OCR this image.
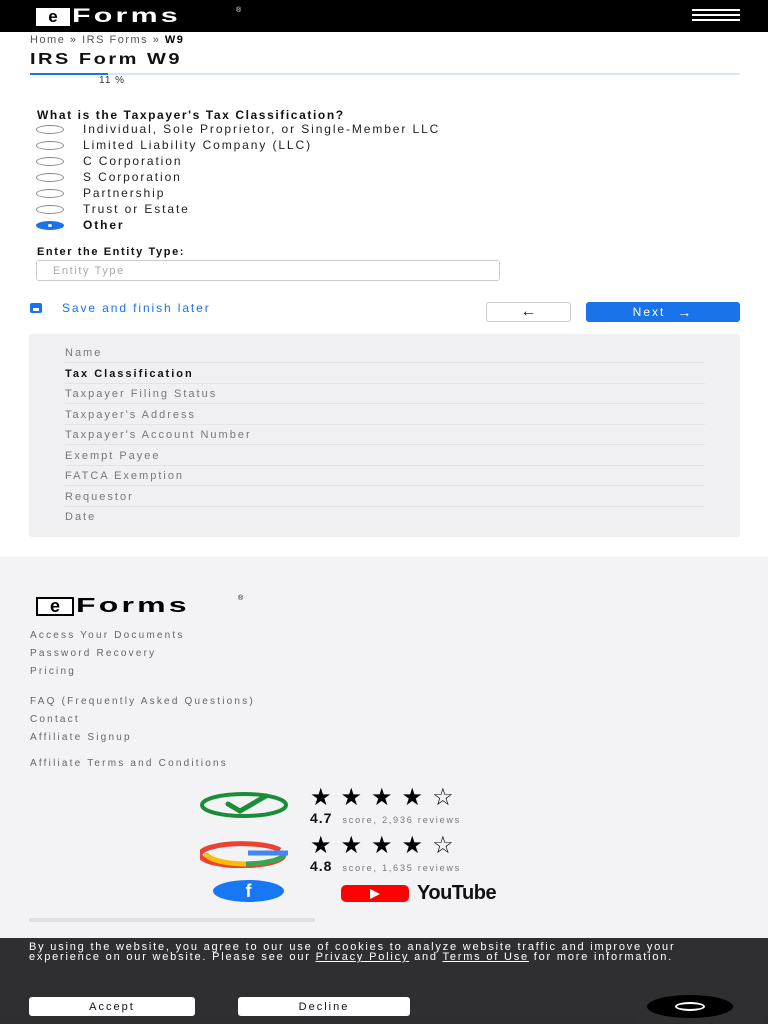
e Forms	®
Home » IRS Forms » W9
IRS Form W9
11 %
What is the Taxpayer's Tax Classification?
Individual, Sole Proprietor, or Single-Member LLC
Limited Liability Company (LLC)
C Corporation
S Corporation
Partnership
Trust or Estate
Other
Enter the Entity Type:
Entity Type
Save and finish later	←	Next →
Name
Tax Classification
Taxpayer Filing Status
Taxpayer's Address
Taxpayer's Account Number
Exempt Payee
FATCA Exemption
Requestor
Date
e Forms	®
Access Your Documents
Password Recovery
Pricing
FAQ (Frequently Asked Questions)
Contact
Affiliate Signup
Affiliate Terms and Conditions
★★★★☆
4.7 score, 2,936 reviews
★★★★☆
4.8 score, 1,635 reviews
f	YouTube
By using the website, you agree to our use of cookies to analyze website traffic and improve your experience on our website. Please see our Privacy Policy and Terms of Use for more information.
Accept	Decline
